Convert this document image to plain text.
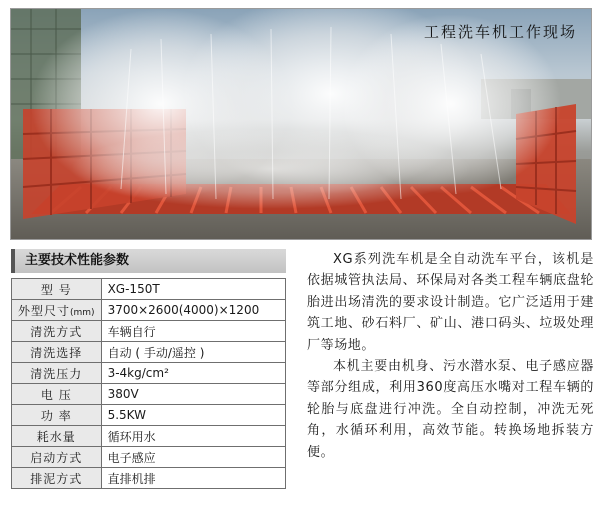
工程洗车机工作现场
主要技术性能参数
型 号	XG-150T
外型尺寸(mm)	3700×2600(4000)×1200
清洗方式	车辆自行
清洗选择	自动 ( 手动/遥控 )
清洗压力	3-4kg/cm²
电 压	380V
功 率	5.5KW
耗水量	循环用水
启动方式	电子感应
排泥方式	直排机排

XG系列洗车机是全自动洗车平台，该机是依据城管执法局、环保局对各类工程车辆底盘轮胎进出场清洗的要求设计制造。它广泛适用于建筑工地、砂石料厂、矿山、港口码头、垃圾处理厂等场地。

本机主要由机身、污水潜水泵、电子感应器等部分组成，利用360度高压水嘴对工程车辆的轮胎与底盘进行冲洗。全自动控制，冲洗无死角，水循环利用，高效节能。转换场地拆装方便。
